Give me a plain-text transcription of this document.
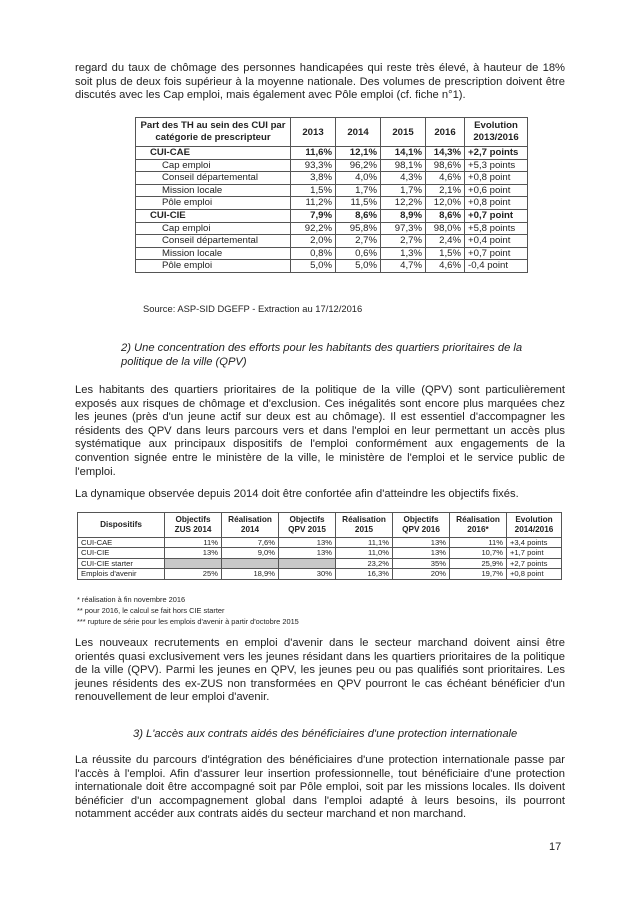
regard du taux de chômage des personnes handicapées qui reste très élevé, à hauteur de 18% soit plus de deux fois supérieur à la moyenne nationale. Des volumes de prescription doivent être discutés avec les Cap emploi, mais également avec Pôle emploi (cf. fiche n°1).

Part des TH au sein des CUI par catégorie de prescripteur	2013	2014	2015	2016	Evolution 2013/2016
CUI-CAE	11,6%	12,1%	14,1%	14,3%	+2,7 points
Cap emploi	93,3%	96,2%	98,1%	98,6%	+5,3 points
Conseil départemental	3,8%	4,0%	4,3%	4,6%	+0,8 point
Mission locale	1,5%	1,7%	1,7%	2,1%	+0,6 point
Pôle emploi	11,2%	11,5%	12,2%	12,0%	+0,8 point
CUI-CIE	7,9%	8,6%	8,9%	8,6%	+0,7 point
Cap emploi	92,2%	95,8%	97,3%	98,0%	+5,8 points
Conseil départemental	2,0%	2,7%	2,7%	2,4%	+0,4 point
Mission locale	0,8%	0,6%	1,3%	1,5%	+0,7 point
Pôle emploi	5,0%	5,0%	4,7%	4,6%	-0,4 point

Source: ASP-SID DGEFP - Extraction au 17/12/2016

2) Une concentration des efforts pour les habitants des quartiers prioritaires de la politique de la ville (QPV)

Les habitants des quartiers prioritaires de la politique de la ville (QPV) sont particulièrement exposés aux risques de chômage et d'exclusion. Ces inégalités sont encore plus marquées chez les jeunes (près d'un jeune actif sur deux est au chômage). Il est essentiel d'accompagner les résidents des QPV dans leurs parcours vers et dans l'emploi en leur permettant un accès plus systématique aux principaux dispositifs de l'emploi conformément aux engagements de la convention signée entre le ministère de la ville, le ministère de l'emploi et le service public de l'emploi.

La dynamique observée depuis 2014 doit être confortée afin d'atteindre les objectifs fixés.

Dispositifs	Objectifs ZUS 2014	Réalisation 2014	Objectifs QPV 2015	Réalisation 2015	Objectifs QPV 2016	Réalisation 2016*	Evolution 2014/2016
CUI-CAE	11%	7,6%	13%	11,1%	13%	11%	+3,4 points
CUI-CIE	13%	9,0%	13%	11,0%	13%	10,7%	+1,7 point
CUI-CIE starter				23,2%	35%	25,9%	+2,7 points
Emplois d'avenir	25%	18,9%	30%	16,3%	20%	19,7%	+0,8 point

* réalisation à fin novembre 2016

** pour 2016, le calcul se fait hors CIE starter

*** rupture de série pour les emplois d'avenir à partir d'octobre 2015

Les nouveaux recrutements en emploi d'avenir dans le secteur marchand doivent ainsi être orientés quasi exclusivement vers les jeunes résidant dans les quartiers prioritaires de la politique de la ville (QPV). Parmi les jeunes en QPV, les jeunes peu ou pas qualifiés sont prioritaires. Les jeunes résidents des ex-ZUS non transformées en QPV pourront le cas échéant bénéficier d'un renouvellement de leur emploi d'avenir.

3) L'accès aux contrats aidés des bénéficiaires d'une protection internationale

La réussite du parcours d'intégration des bénéficiaires d'une protection internationale passe par l'accès à l'emploi. Afin d'assurer leur insertion professionnelle, tout bénéficiaire d'une protection internationale doit être accompagné soit par Pôle emploi, soit par les missions locales. Ils doivent bénéficier d'un accompagnement global dans l'emploi adapté à leurs besoins, ils pourront notamment accéder aux contrats aidés du secteur marchand et non marchand.

17
